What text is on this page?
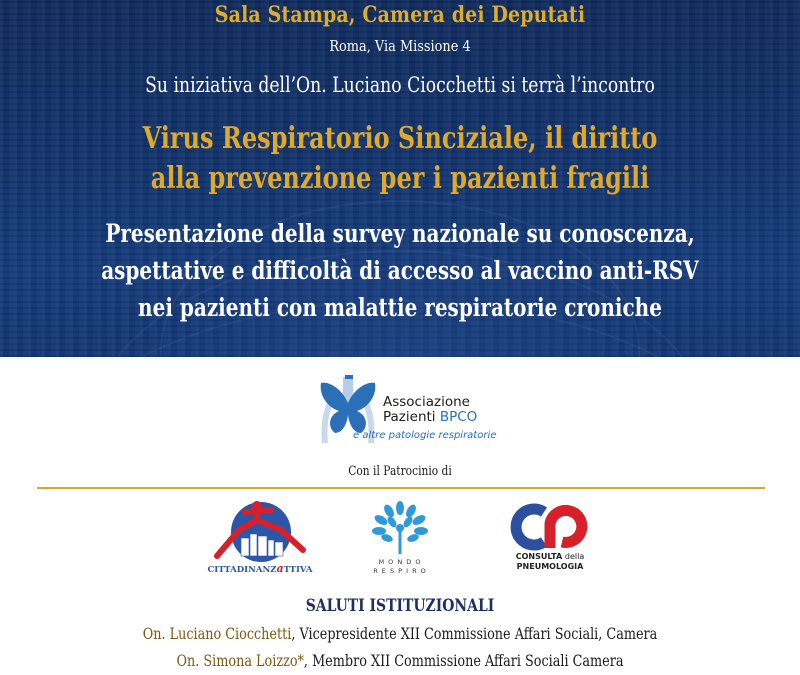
Sala Stampa, Camera dei Deputati
Roma, Via Missione 4
Su iniziativa dell’On. Luciano Ciocchetti si terrà l’incontro
Virus Respiratorio Sinciziale, il diritto
alla prevenzione per i pazienti fragili
Presentazione della survey nazionale su conoscenza,
aspettative e difficoltà di accesso al vaccino anti-RSV
nei pazienti con malattie respiratorie croniche
Associazione
Pazienti BPCO
e altre patologie respiratorie
Con il Patrocinio di
CITTADINANZaTTIVA
M O N D O
R E S P I R O
CONSULTA della
PNEUMOLOGIA
SALUTI ISTITUZIONALI
On. Luciano Ciocchetti, Vicepresidente XII Commissione Affari Sociali, Camera
On. Simona Loizzo*, Membro XII Commissione Affari Sociali Camera
